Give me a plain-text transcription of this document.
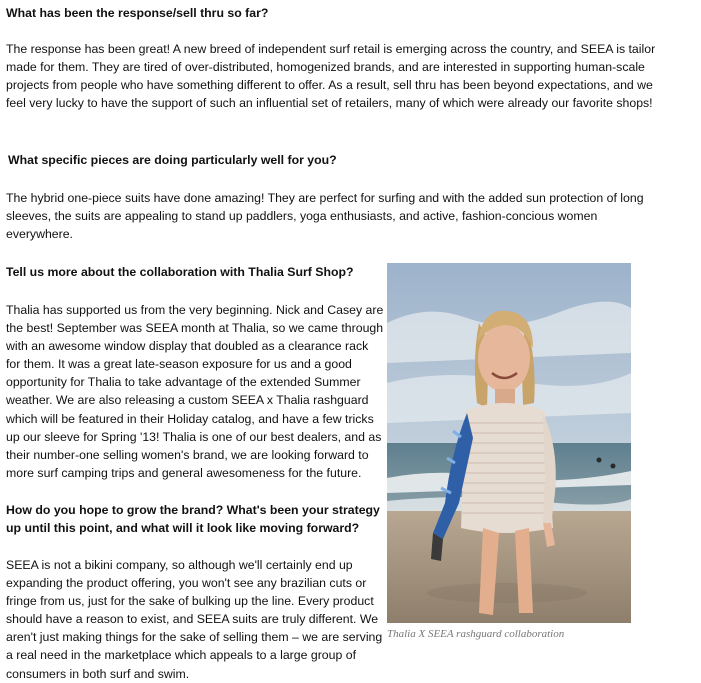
What has been the response/sell thru so far?

The response has been great! A new breed of independent surf retail is emerging across the country, and SEEA is tailor made for them. They are tired of over-distributed, homogenized brands, and are interested in supporting human-scale projects from people who have something different to offer. As a result, sell thru has been beyond expectations, and we feel very lucky to have the support of such an influential set of retailers, many of which were already our favorite shops!

What specific pieces are doing particularly well for you?

The hybrid one-piece suits have done amazing! They are perfect for surfing and with the added sun protection of long sleeves, the suits are appealing to stand up paddlers, yoga enthusiasts, and active, fashion-concious women everywhere.

Tell us more about the collaboration with Thalia Surf Shop?

Thalia has supported us from the very beginning. Nick and Casey are the best! September was SEEA month at Thalia, so we came through with an awesome window display that doubled as a clearance rack for them. It was a great late-season exposure for us and a good opportunity for Thalia to take advantage of the extended Summer weather. We are also releasing a custom SEEA x Thalia rashguard which will be featured in their Holiday catalog, and have a few tricks up our sleeve for Spring '13! Thalia is one of our best dealers, and as their number-one selling women's brand, we are looking forward to more surf camping trips and general awesomeness for the future.

How do you hope to grow the brand? What's been your strategy up until this point, and what will it look like moving forward?

SEEA is not a bikini company, so although we'll certainly end up expanding the product offering, you won't see any brazilian cuts or fringe from us, just for the sake of bulking up the line. Every product should have a reason to exist, and SEEA suits are truly different. We aren't just making things for the sake of selling them – we are serving a real need in the marketplace which appeals to a large group of consumers in both surf and swim.

Thalia X SEEA rashguard collaboration
